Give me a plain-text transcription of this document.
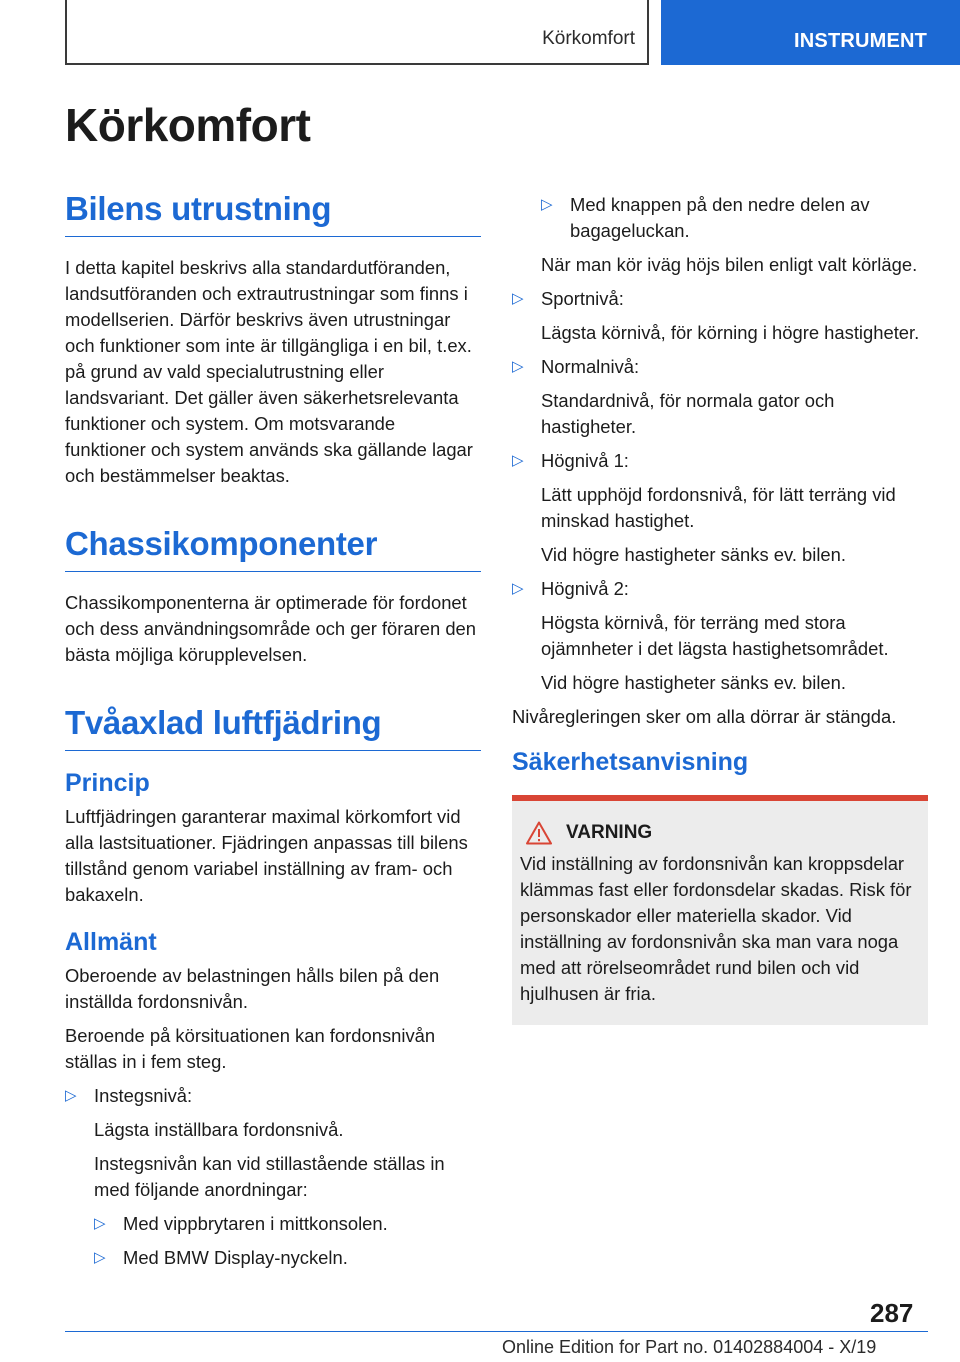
Körkomfort	INSTRUMENT
Körkomfort
Bilens utrustning

I detta kapitel beskrivs alla standardutföranden, landsutföranden och extrautrustningar som finns i modellserien. Därför beskrivs även utrustningar och funktioner som inte är tillgängliga i en bil, t.ex. på grund av vald specialutrustning eller landsvariant. Det gäller även säkerhetsrelevanta funktioner och system. Om motsvarande funktioner och system används ska gällande lagar och bestämmelser beaktas.

Chassikomponenter

Chassikomponenterna är optimerade för fordonet och dess användningsområde och ger föraren den bästa möjliga körupplevelsen.

Tvåaxlad luftfjädring
Princip

Luftfjädringen garanterar maximal körkomfort vid alla lastsituationer. Fjädringen anpassas till bilens tillstånd genom variabel inställning av fram- och bakaxeln.

Allmänt

Oberoende av belastningen hålls bilen på den inställda fordonsnivån.

Beroende på körsituationen kan fordonsnivån ställas in i fem steg.

▷ Instegsnivå:
Lägsta inställbara fordonsnivå.
Instegsnivån kan vid stillastående ställas in med följande anordningar:
▷ Med vippbrytaren i mittkonsolen.
▷ Med BMW Display-nyckeln.
▷ Med knappen på den nedre delen av bagageluckan.
När man kör iväg höjs bilen enligt valt körläge.
▷ Sportnivå:
Lägsta körnivå, för körning i högre hastigheter.
▷ Normalnivå:
Standardnivå, för normala gator och hastigheter.
▷ Högnivå 1:
Lätt upphöjd fordonsnivå, för lätt terräng vid minskad hastighet.
Vid högre hastigheter sänks ev. bilen.
▷ Högnivå 2:
Högsta körnivå, för terräng med stora ojämnheter i det lägsta hastighetsområdet.
Vid högre hastigheter sänks ev. bilen.

Nivåregleringen sker om alla dörrar är stängda.

Säkerhetsanvisning
VARNING

Vid inställning av fordonsnivån kan kroppsdelar klämmas fast eller fordonsdelar skadas. Risk för personskador eller materiella skador. Vid inställning av fordonsnivån ska man vara noga med att rörelseområdet rund bilen och vid hjulhusen är fria.

287
Online Edition for Part no. 01402884004 - X/19
